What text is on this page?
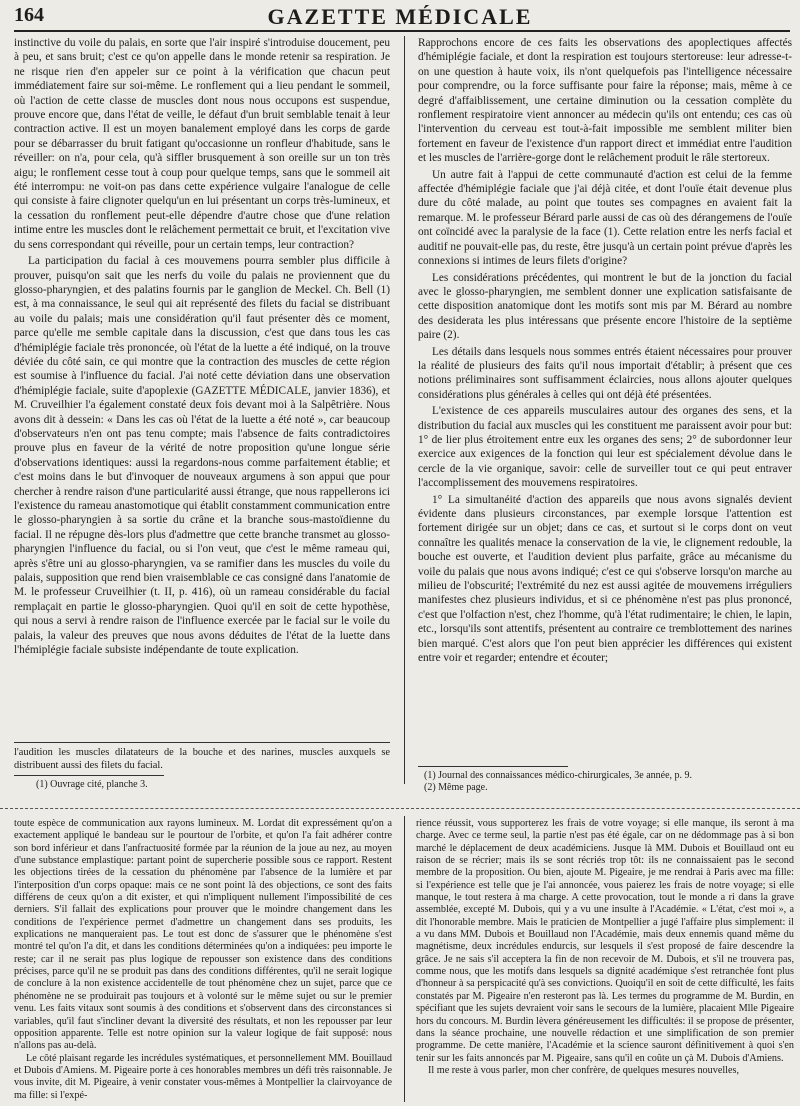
164	GAZETTE MÉDICALE

instinctive du voile du palais, en sorte que l'air inspiré s'introduise doucement, peu à peu, et sans bruit; c'est ce qu'on appelle dans le monde retenir sa respiration. Je ne risque rien d'en appeler sur ce point à la vérification que chacun peut immédiatement faire sur soi-même. Le ronflement qui a lieu pendant le sommeil, où l'action de cette classe de muscles dont nous nous occupons est suspendue, prouve encore que, dans l'état de veille, le défaut d'un bruit semblable tenait à leur contraction active. Il est un moyen banalement employé dans les corps de garde pour se débarrasser du bruit fatigant qu'occasionne un ronfleur d'habitude, sans le réveiller: on n'a, pour cela, qu'à siffler brusquement à son oreille sur un ton très aigu; le ronflement cesse tout à coup pour quelque temps, sans que le sommeil ait été interrompu: ne voit-on pas dans cette expérience vulgaire l'analogue de celle qui consiste à faire clignoter quelqu'un en lui présentant un corps très-lumineux, et la cessation du ronflement peut-elle dépendre d'autre chose que d'une relation intime entre les muscles dont le relâchement permettait ce bruit, et l'excitation vive du sens correspondant qui réveille, pour un certain temps, leur contraction?

La participation du facial à ces mouvemens pourra sembler plus difficile à prouver, puisqu'on sait que les nerfs du voile du palais ne proviennent que du glosso-pharyngien, et des palatins fournis par le ganglion de Meckel. Ch. Bell (1) est, à ma connaissance, le seul qui ait représenté des filets du facial se distribuant au voile du palais; mais une considération qu'il faut présenter dès ce moment, parce qu'elle me semble capitale dans la discussion, c'est que dans tous les cas d'hémiplégie faciale très prononcée, où l'état de la luette a été indiqué, on la trouve déviée du côté sain, ce qui montre que la contraction des muscles de cette région est soumise à l'influence du facial. J'ai noté cette déviation dans une observation d'hémiplégie faciale, suite d'apoplexie (GAZETTE MÉDICALE, janvier 1836), et M. Cruveilhier l'a également constaté deux fois devant moi à la Salpêtrière. Nous avons dit à dessein: « Dans les cas où l'état de la luette a été noté », car beaucoup d'observateurs n'en ont pas tenu compte; mais l'absence de faits contradictoires prouve plus en faveur de la vérité de notre proposition qu'une longue série d'observations identiques: aussi la regardons-nous comme parfaitement établie; et c'est moins dans le but d'invoquer de nouveaux argumens à son appui que pour chercher à rendre raison d'une particularité aussi étrange, que nous rappellerons ici l'existence du rameau anastomotique qui établit constamment communication entre le glosso-pharyngien à sa sortie du crâne et la branche sous-mastoïdienne du facial. Il ne répugne dès-lors plus d'admettre que cette branche transmet au glosso-pharyngien l'influence du facial, ou si l'on veut, que c'est le même rameau qui, après s'être uni au glosso-pharyngien, va se ramifier dans les muscles du voile du palais, supposition que rend bien vraisemblable ce cas consigné dans l'anatomie de M. le professeur Cruveilhier (t. II, p. 416), où un rameau considérable du facial remplaçait en partie le glosso-pharyngien. Quoi qu'il en soit de cette hypothèse, qui nous a servi à rendre raison de l'influence exercée par le facial sur le voile du palais, la valeur des preuves que nous avons déduites de l'état de la luette dans l'hémiplégie faciale subsiste indépendante de toute explication.

l'audition les muscles dilatateurs de la bouche et des narines, muscles auxquels se distribuent aussi des filets du facial.

(1) Ouvrage cité, planche 3.

Rapprochons encore de ces faits les observations des apoplectiques affectés d'hémiplégie faciale, et dont la respiration est toujours stertoreuse: leur adresse-t-on une question à haute voix, ils n'ont quelquefois pas l'intelligence nécessaire pour comprendre, ou la force suffisante pour faire la réponse; mais, même à ce degré d'affaiblissement, une certaine diminution ou la cessation complète du ronflement respiratoire vient annoncer au médecin qu'ils ont entendu; ces cas où l'intervention du cerveau est tout-à-fait impossible me semblent militer bien fortement en faveur de l'existence d'un rapport direct et immédiat entre l'audition et les muscles de l'arrière-gorge dont le relâchement produit le râle stertoreux.

Un autre fait à l'appui de cette communauté d'action est celui de la femme affectée d'hémiplégie faciale que j'ai déjà citée, et dont l'ouïe était devenue plus dure du côté malade, au point que toutes ses compagnes en avaient fait la remarque. M. le professeur Bérard parle aussi de cas où des dérangemens de l'ouïe ont coïncidé avec la paralysie de la face (1). Cette relation entre les nerfs facial et auditif ne pouvait-elle pas, du reste, être jusqu'à un certain point prévue d'après les connexions si intimes de leurs filets d'origine?

Les considérations précédentes, qui montrent le but de la jonction du facial avec le glosso-pharyngien, me semblent donner une explication satisfaisante de cette disposition anatomique dont les motifs sont mis par M. Bérard au nombre des desiderata les plus intéressans que présente encore l'histoire de la septième paire (2).

Les détails dans lesquels nous sommes entrés étaient nécessaires pour prouver la réalité de plusieurs des faits qu'il nous importait d'établir; à présent que ces notions préliminaires sont suffisamment éclaircies, nous allons ajouter quelques considérations plus générales à celles qui ont déjà été présentées.

L'existence de ces appareils musculaires autour des organes des sens, et la distribution du facial aux muscles qui les constituent me paraissent avoir pour but: 1° de lier plus étroitement entre eux les organes des sens; 2° de subordonner leur exercice aux exigences de la fonction qui leur est spécialement dévolue dans le cercle de la vie organique, savoir: celle de surveiller tout ce qui peut entraver l'accomplissement des mouvemens respiratoires.

1° La simultanéité d'action des appareils que nous avons signalés devient évidente dans plusieurs circonstances, par exemple lorsque l'attention est fortement dirigée sur un objet; dans ce cas, et surtout si le corps dont on veut connaître les qualités menace la conservation de la vie, le clignement redouble, la bouche est ouverte, et l'audition devient plus parfaite, grâce au mécanisme du voile du palais que nous avons indiqué; c'est ce qui s'observe lorsqu'on marche au milieu de l'obscurité; l'extrémité du nez est aussi agitée de mouvemens irréguliers manifestes chez plusieurs individus, et si ce phénomène n'est pas plus prononcé, c'est que l'olfaction n'est, chez l'homme, qu'à l'état rudimentaire; le chien, le lapin, etc., lorsqu'ils sont attentifs, présentent au contraire ce tremblottement des narines bien marqué. C'est alors que l'on peut bien apprécier les différences qui existent entre voir et regarder; entendre et écouter;

(1) Journal des connaissances médico-chirurgicales, 3e année, p. 9.
(2) Même page.

toute espèce de communication aux rayons lumineux. M. Lordat dit expressément qu'on a exactement appliqué le bandeau sur le pourtour de l'orbite, et qu'on l'a fait adhérer contre son bord inférieur et dans l'anfractuosité formée par la réunion de la joue au nez, au moyen d'une substance emplastique: partant point de supercherie possible sous ce rapport. Restent les objections tirées de la cessation du phénomène par l'absence de la lumière et par l'interposition d'un corps opaque: mais ce ne sont point là des objections, ce sont des faits différens de ceux qu'on a dit exister, et qui n'impliquent nullement l'impossibilité de ces derniers. S'il fallait des explications pour prouver que le moindre changement dans les conditions de l'expérience permet d'admettre un changement dans ses produits, les explications ne manqueraient pas. Le tout est donc de s'assurer que le phénomène s'est montré tel qu'on l'a dit, et dans les conditions déterminées qu'on a indiquées: peu importe le reste; car il ne serait pas plus logique de repousser son existence dans des conditions précises, parce qu'il ne se produit pas dans des conditions différentes, qu'il ne serait logique de conclure à la non existence accidentelle de tout phénomène chez un sujet, parce que ce phénomène ne se produirait pas toujours et à volonté sur le même sujet ou sur le premier venu. Les faits vitaux sont soumis à des conditions et s'observent dans des circonstances si variables, qu'il faut s'incliner devant la diversité des résultats, et non les repousser par leur opposition apparente. Telle est notre opinion sur la valeur logique de fait supposé: nous n'allons pas au-delà.

Le côté plaisant regarde les incrédules systématiques, et personnellement MM. Bouillaud et Dubois d'Amiens. M. Pigeaire porte à ces honorables membres un défi très raisonnable. Je vous invite, dit M. Pigeaire, à venir constater vous-mêmes à Montpellier la clairvoyance de ma fille: si l'expé-

rience réussit, vous supporterez les frais de votre voyage; si elle manque, ils seront à ma charge. Avec ce terme seul, la partie n'est pas été égale, car on ne dédommage pas à si bon marché le déplacement de deux académiciens. Jusque là MM. Dubois et Bouillaud ont eu raison de se récrier; mais ils se sont récriés trop tôt: ils ne connaissaient pas le second membre de la proposition. Ou bien, ajoute M. Pigeaire, je me rendrai à Paris avec ma fille: si l'expérience est telle que je l'ai annoncée, vous paierez les frais de notre voyage; si elle manque, le tout restera à ma charge. A cette provocation, tout le monde a ri dans la grave assemblée, excepté M. Dubois, qui y a vu une insulte à l'Académie. « L'état, c'est moi », a dit l'honorable membre. Mais le praticien de Montpellier a jugé l'affaire plus simplement: il a vu dans MM. Dubois et Bouillaud non l'Académie, mais deux ennemis quand même du magnétisme, deux incrédules endurcis, sur lesquels il s'est proposé de faire descendre la grâce. Je ne sais s'il acceptera la fin de non recevoir de M. Dubois, et s'il ne trouvera pas, comme nous, que les motifs dans lesquels sa dignité académique s'est retranchée font plus d'honneur à sa perspicacité qu'à ses convictions. Quoiqu'il en soit de cette difficulté, les faits constatés par M. Pigeaire n'en resteront pas là. Les termes du programme de M. Burdin, en spécifiant que les sujets devraient voir sans le secours de la lumière, placaient Mlle Pigeaire hors du concours. M. Burdin lèvera généreusement les difficultés: il se propose de présenter, dans la séance prochaine, une nouvelle rédaction et une simplification de son premier programme. De cette manière, l'Académie et la science sauront définitivement à quoi s'en tenir sur les faits annoncés par M. Pigeaire, sans qu'il en coûte un çà M. Dubois d'Amiens.

Il me reste à vous parler, mon cher confrère, de quelques mesures nouvelles,
